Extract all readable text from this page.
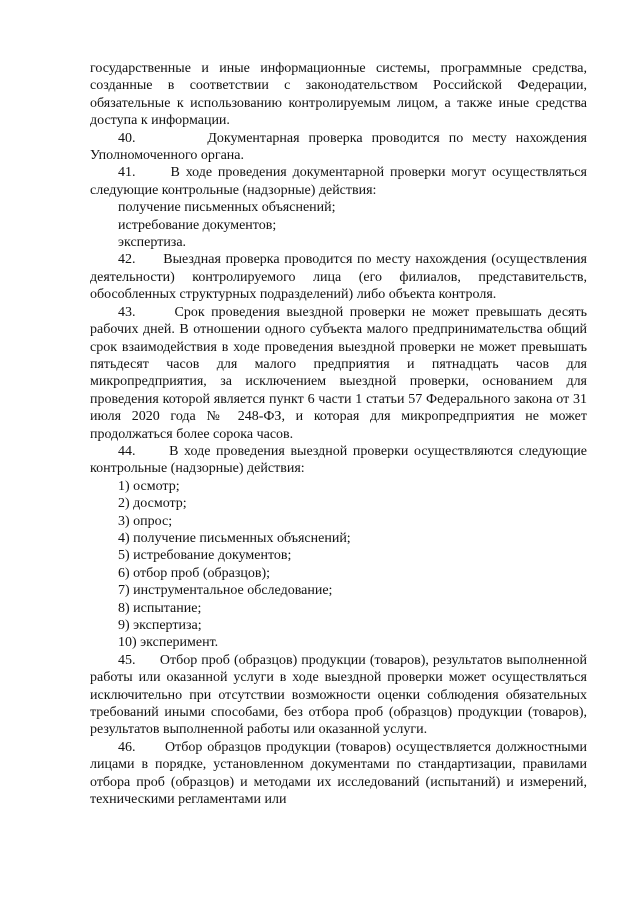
государственные и иные информационные системы, программные средства, созданные в соответствии с законодательством Российской Федерации, обязательные к использованию контролируемым лицом, а также иные средства доступа к информации.

40.        Документарная проверка проводится по месту нахождения Уполномоченного органа.

41.      В ходе проведения документарной проверки могут осуществляться следующие контрольные (надзорные) действия:

получение письменных объяснений;

истребование документов;

экспертиза.

42.      Выездная проверка проводится по месту нахождения (осуществления деятельности) контролируемого лица (его филиалов, представительств, обособленных структурных подразделений) либо объекта контроля.

43.      Срок проведения выездной проверки не может превышать десять рабочих дней. В отношении одного субъекта малого предпринимательства общий срок взаимодействия в ходе проведения выездной проверки не может превышать пятьдесят часов для малого предприятия и пятнадцать часов для микропредприятия, за исключением выездной проверки, основанием для проведения которой является пункт 6 части 1 статьи 57 Федерального закона от 31 июля 2020 года № 248-ФЗ, и которая для микропредприятия не может продолжаться более сорока часов.

44.      В ходе проведения выездной проверки осуществляются следующие контрольные (надзорные) действия:

1) осмотр;

2) досмотр;

3) опрос;

4) получение письменных объяснений;

5) истребование документов;

6) отбор проб (образцов);

7) инструментальное обследование;

8) испытание;

9) экспертиза;

10) эксперимент.

45.      Отбор проб (образцов) продукции (товаров), результатов выполненной работы или оказанной услуги в ходе выездной проверки может осуществляться исключительно при отсутствии возможности оценки соблюдения обязательных требований иными способами, без отбора проб (образцов) продукции (товаров), результатов выполненной работы или оказанной услуги.

46.      Отбор образцов продукции (товаров) осуществляется должностными лицами в порядке, установленном документами по стандартизации, правилами отбора проб (образцов) и методами их исследований (испытаний) и измерений, техническими регламентами или
